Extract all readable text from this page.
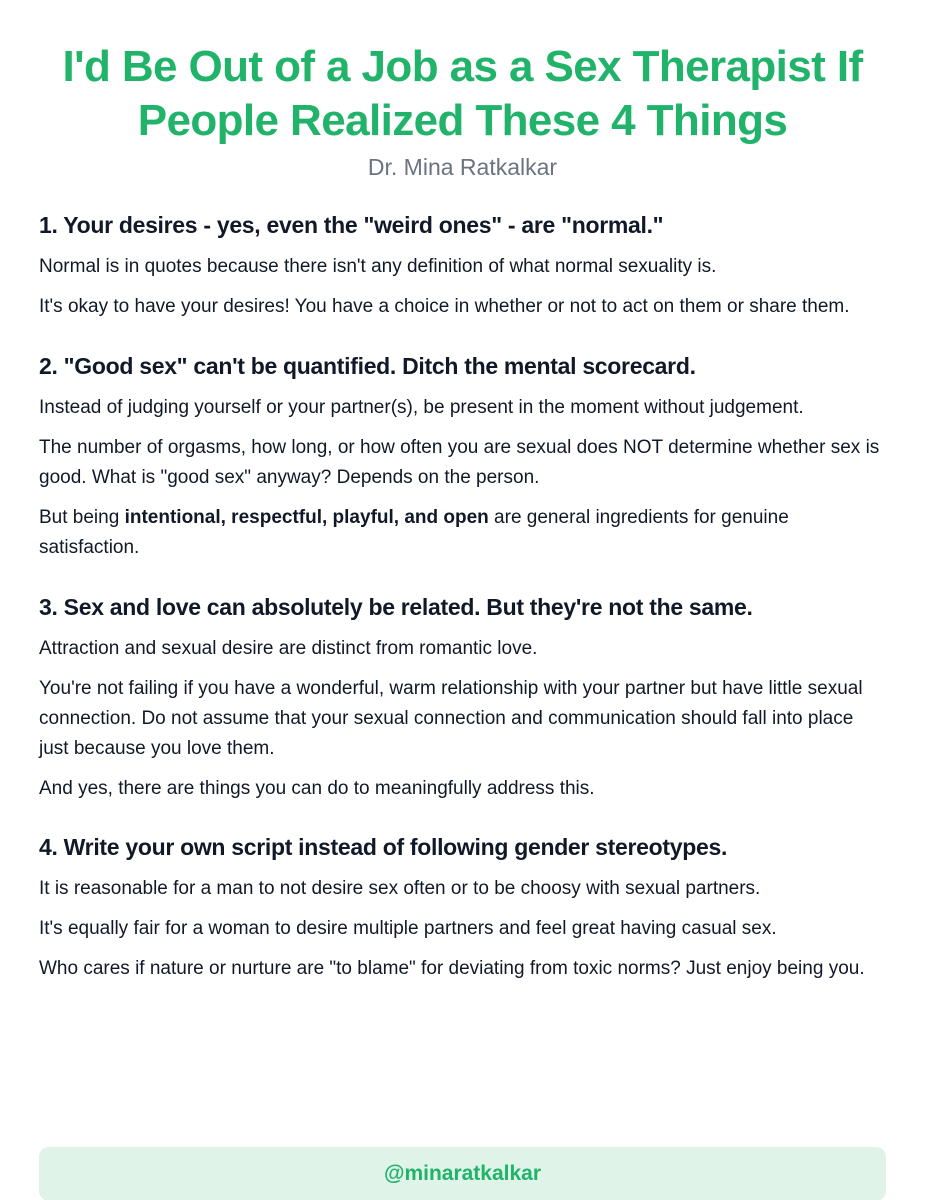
I'd Be Out of a Job as a Sex Therapist If People Realized These 4 Things
Dr. Mina Ratkalkar
1. Your desires - yes, even the "weird ones" - are "normal."

Normal is in quotes because there isn't any definition of what normal sexuality is.

It's okay to have your desires! You have a choice in whether or not to act on them or share them.

2. "Good sex" can't be quantified. Ditch the mental scorecard.

Instead of judging yourself or your partner(s), be present in the moment without judgement.

The number of orgasms, how long, or how often you are sexual does NOT determine whether sex is good. What is "good sex" anyway? Depends on the person.

But being intentional, respectful, playful, and open are general ingredients for genuine satisfaction.

3. Sex and love can absolutely be related. But they're not the same.

Attraction and sexual desire are distinct from romantic love.

You're not failing if you have a wonderful, warm relationship with your partner but have little sexual connection. Do not assume that your sexual connection and communication should fall into place just because you love them.

And yes, there are things you can do to meaningfully address this.

4. Write your own script instead of following gender stereotypes.

It is reasonable for a man to not desire sex often or to be choosy with sexual partners.

It's equally fair for a woman to desire multiple partners and feel great having casual sex.

Who cares if nature or nurture are "to blame" for deviating from toxic norms? Just enjoy being you.

@minaratkalkar
